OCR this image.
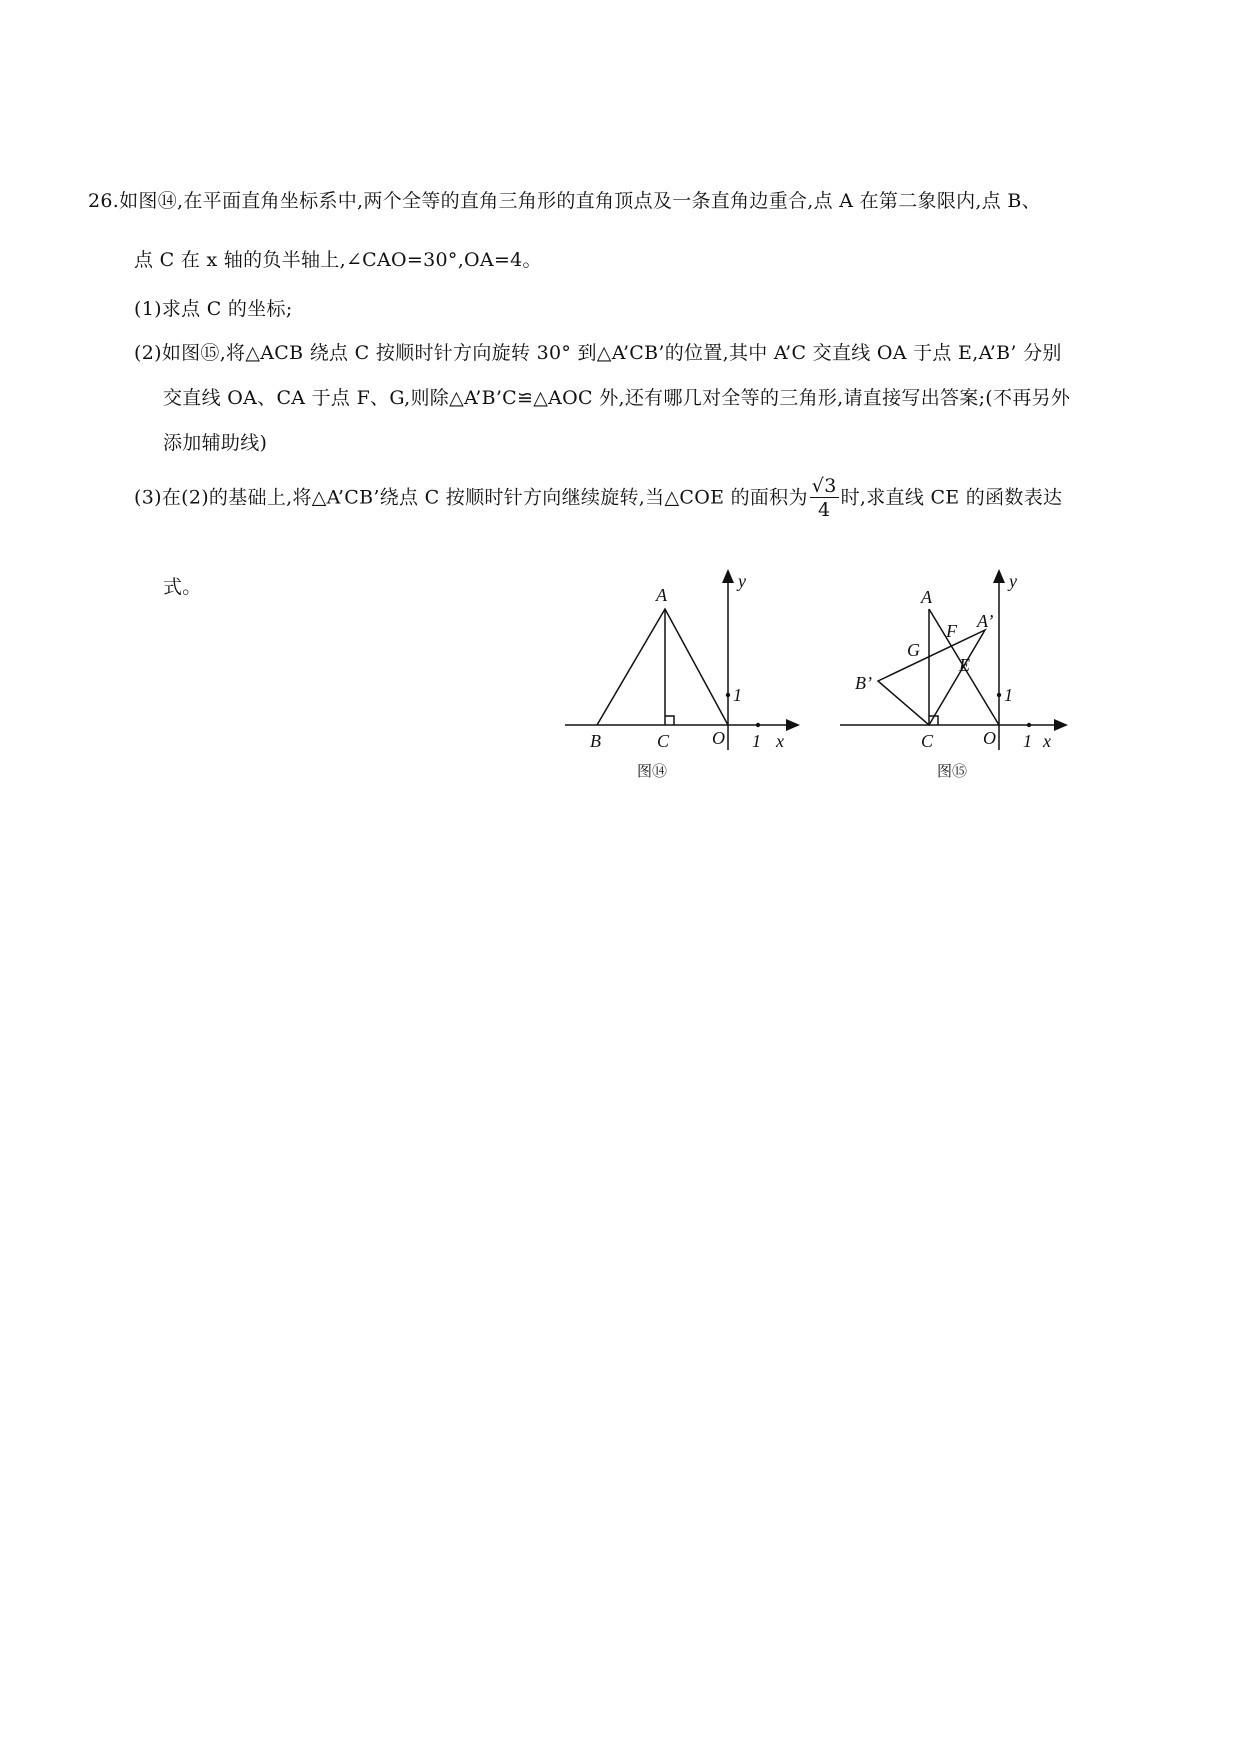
26.如图⑭,在平面直角坐标系中,两个全等的直角三角形的直角顶点及一条直角边重合,点 A 在第二象限内,点 B、
点 C 在 x 轴的负半轴上,∠CAO=30°,OA=4。
(1)求点 C 的坐标;
(2)如图⑮,将△ACB 绕点 C 按顺时针方向旋转 30° 到△A’CB’的位置,其中 A’C 交直线 OA 于点 E,A’B’ 分别
交直线 OA、CA 于点 F、G,则除△A’B’C≌△AOC 外,还有哪几对全等的三角形,请直接写出答案;(不再另外
添加辅助线)
(3)在(2)的基础上,将△A’CB’绕点 C 按顺时针方向继续旋转,当△COE 的面积为 $\frac{√3}{4}$ 时,求直线 CE 的函数表达
式。	A
B	C O	x
y
1
1
图⑭
A
A’
B’
C	O
E
F
G
x
y
1
1
图⑮
